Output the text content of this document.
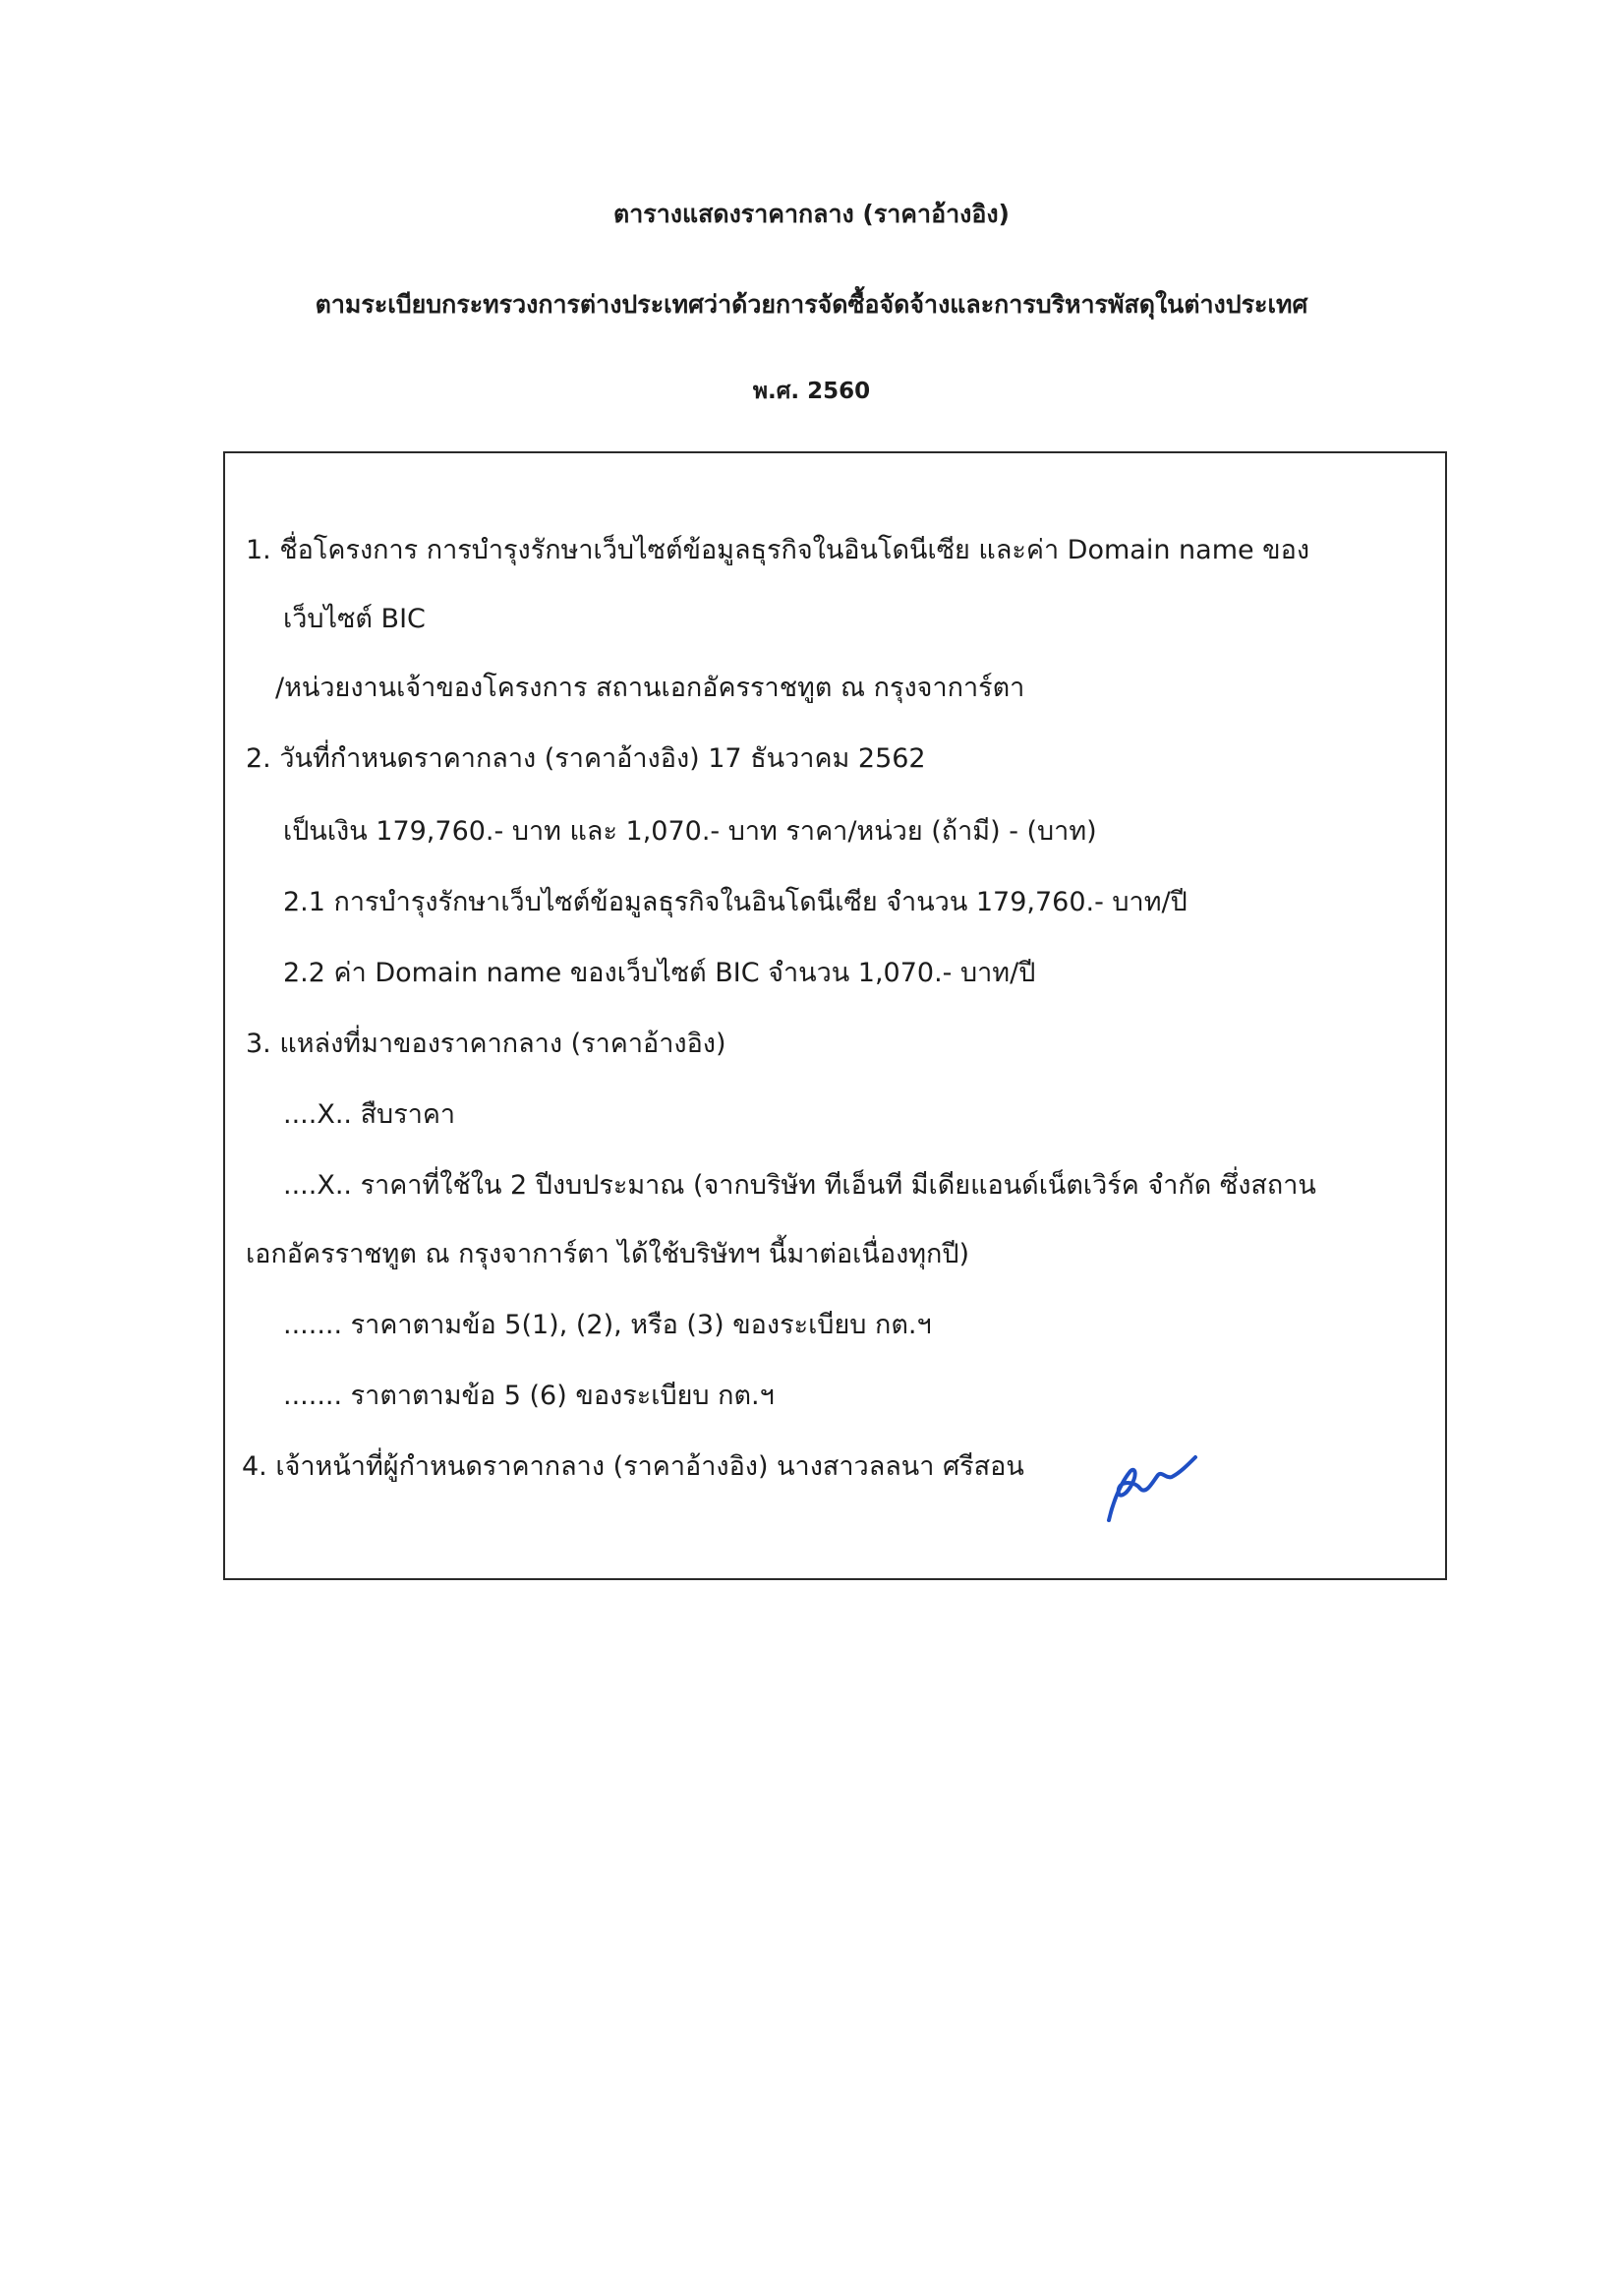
ตารางแสดงราคากลาง (ราคาอ้างอิง)
ตามระเบียบกระทรวงการต่างประเทศว่าด้วยการจัดซื้อจัดจ้างและการบริหารพัสดุในต่างประเทศ
พ.ศ. 2560
1. ชื่อโครงการ การบำรุงรักษาเว็บไซต์ข้อมูลธุรกิจในอินโดนีเซีย และค่า Domain name ของ
เว็บไซต์ BIC
/หน่วยงานเจ้าของโครงการ สถานเอกอัครราชทูต ณ กรุงจาการ์ตา
2. วันที่กำหนดราคากลาง (ราคาอ้างอิง) 17 ธันวาคม 2562
เป็นเงิน 179,760.- บาท และ 1,070.- บาท ราคา/หน่วย (ถ้ามี) - (บาท)
2.1 การบำรุงรักษาเว็บไซต์ข้อมูลธุรกิจในอินโดนีเซีย จำนวน 179,760.- บาท/ปี
2.2 ค่า Domain name ของเว็บไซต์ BIC จำนวน 1,070.- บาท/ปี
3. แหล่งที่มาของราคากลาง (ราคาอ้างอิง)
....X.. สืบราคา
....X.. ราคาที่ใช้ใน 2 ปีงบประมาณ (จากบริษัท ทีเอ็นที มีเดียแอนด์เน็ตเวิร์ค จำกัด ซึ่งสถาน
เอกอัครราชทูต ณ กรุงจาการ์ตา ได้ใช้บริษัทฯ นี้มาต่อเนื่องทุกปี)
....... ราคาตามข้อ 5(1), (2), หรือ (3) ของระเบียบ กต.ฯ
....... ราตาตามข้อ 5 (6) ของระเบียบ กต.ฯ
4. เจ้าหน้าที่ผู้กำหนดราคากลาง (ราคาอ้างอิง) นางสาวลลนา ศรีสอน
